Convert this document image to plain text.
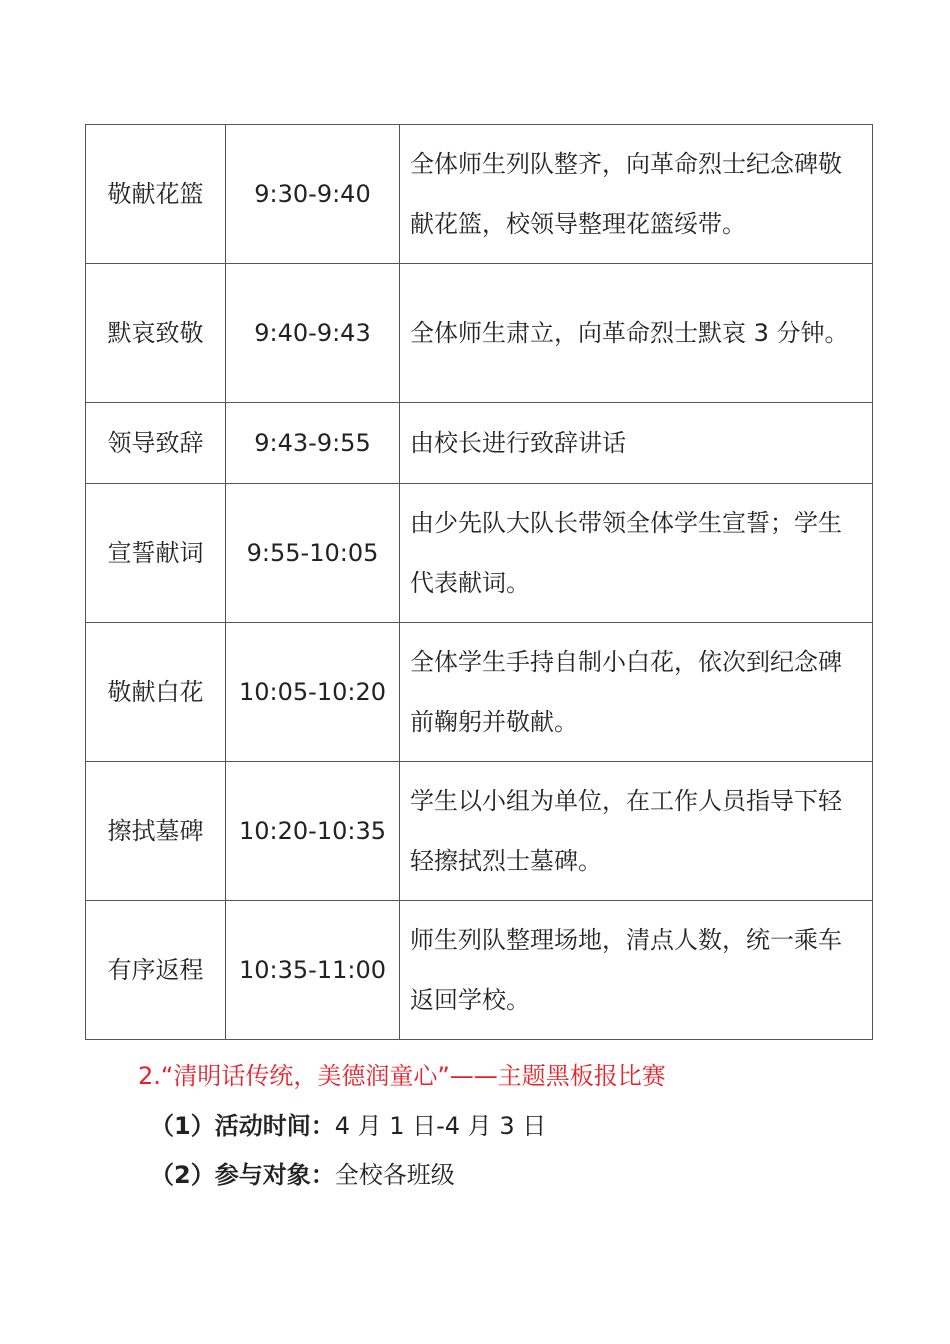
敬献花篮	9:30-9:40	全体师生列队整齐，向革命烈士纪念碑敬献花篮，校领导整理花篮绥带。
默哀致敬	9:40-9:43	全体师生肃立，向革命烈士默哀 3 分钟。
领导致辞	9:43-9:55	由校长进行致辞讲话
宣誓献词	9:55-10:05	由少先队大队长带领全体学生宣誓；学生代表献词。
敬献白花	10:05-10:20	全体学生手持自制小白花，依次到纪念碑前鞠躬并敬献。
擦拭墓碑	10:20-10:35	学生以小组为单位，在工作人员指导下轻轻擦拭烈士墓碑。
有序返程	10:35-11:00	师生列队整理场地，清点人数，统一乘车返回学校。
2.“清明话传统，美德润童心”——主题黑板报比赛
（1）活动时间：4 月 1 日-4 月 3 日
（2）参与对象：全校各班级
